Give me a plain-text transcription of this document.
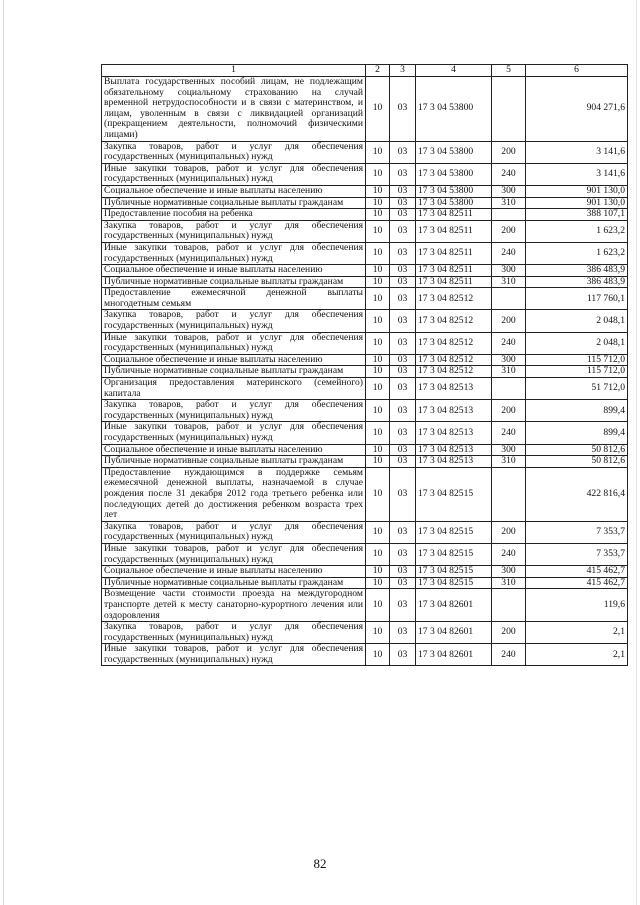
1	2	3	4	5	6
Выплата государственных пособий лицам, не подлежащим обязательному социальному страхованию на случай временной нетрудоспособности и в связи с материнством, и лицам, уволенным в связи с ликвидацией организаций (прекращением деятельности, полномочий физическими лицами)	10	03	17 3 04 53800		904 271,6
Закупка товаров, работ и услуг для обеспечения государственных (муниципальных) нужд	10	03	17 3 04 53800	200	3 141,6
Иные закупки товаров, работ и услуг для обеспечения государственных (муниципальных) нужд	10	03	17 3 04 53800	240	3 141,6
Социальное обеспечение и иные выплаты населению	10	03	17 3 04 53800	300	901 130,0
Публичные нормативные социальные выплаты гражданам	10	03	17 3 04 53800	310	901 130,0
Предоставление пособия на ребенка	10	03	17 3 04 82511		388 107,1
Закупка товаров, работ и услуг для обеспечения государственных (муниципальных) нужд	10	03	17 3 04 82511	200	1 623,2
Иные закупки товаров, работ и услуг для обеспечения государственных (муниципальных) нужд	10	03	17 3 04 82511	240	1 623,2
Социальное обеспечение и иные выплаты населению	10	03	17 3 04 82511	300	386 483,9
Публичные нормативные социальные выплаты гражданам	10	03	17 3 04 82511	310	386 483,9
Предоставление ежемесячной денежной выплаты многодетным семьям	10	03	17 3 04 82512		117 760,1
Закупка товаров, работ и услуг для обеспечения государственных (муниципальных) нужд	10	03	17 3 04 82512	200	2 048,1
Иные закупки товаров, работ и услуг для обеспечения государственных (муниципальных) нужд	10	03	17 3 04 82512	240	2 048,1
Социальное обеспечение и иные выплаты населению	10	03	17 3 04 82512	300	115 712,0
Публичные нормативные социальные выплаты гражданам	10	03	17 3 04 82512	310	115 712,0
Организация предоставления материнского (семейного) капитала	10	03	17 3 04 82513		51 712,0
Закупка товаров, работ и услуг для обеспечения государственных (муниципальных) нужд	10	03	17 3 04 82513	200	899,4
Иные закупки товаров, работ и услуг для обеспечения государственных (муниципальных) нужд	10	03	17 3 04 82513	240	899,4
Социальное обеспечение и иные выплаты населению	10	03	17 3 04 82513	300	50 812,6
Публичные нормативные социальные выплаты гражданам	10	03	17 3 04 82513	310	50 812,6
Предоставление нуждающимся в поддержке семьям ежемесячной денежной выплаты, назначаемой в случае рождения после 31 декабря 2012 года третьего ребенка или последующих детей до достижения ребенком возраста трех лет	10	03	17 3 04 82515		422 816,4
Закупка товаров, работ и услуг для обеспечения государственных (муниципальных) нужд	10	03	17 3 04 82515	200	7 353,7
Иные закупки товаров, работ и услуг для обеспечения государственных (муниципальных) нужд	10	03	17 3 04 82515	240	7 353,7
Социальное обеспечение и иные выплаты населению	10	03	17 3 04 82515	300	415 462,7
Публичные нормативные социальные выплаты гражданам	10	03	17 3 04 82515	310	415 462,7
Возмещение части стоимости проезда на междугородном транспорте детей к месту санаторно-курортного лечения или оздоровления	10	03	17 3 04 82601		119,6
Закупка товаров, работ и услуг для обеспечения государственных (муниципальных) нужд	10	03	17 3 04 82601	200	2,1
Иные закупки товаров, работ и услуг для обеспечения государственных (муниципальных) нужд	10	03	17 3 04 82601	240	2,1
82
